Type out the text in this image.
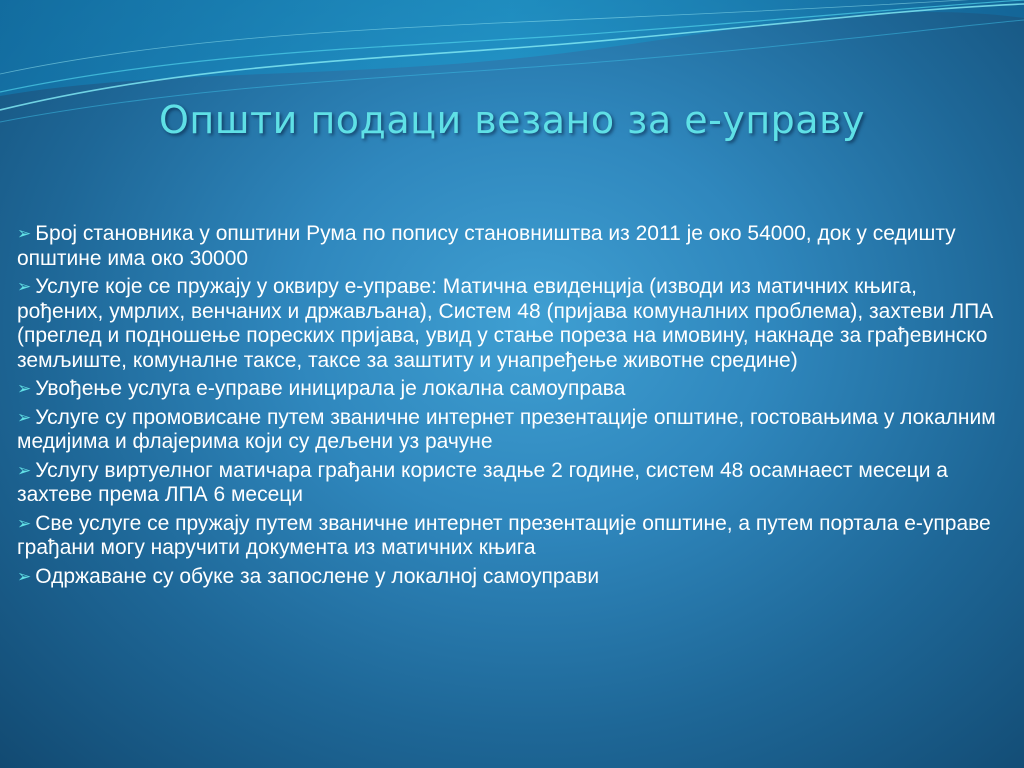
Општи подаци везано за е-управу
➢ Број становника у општини Рума по попису становништва из 2011 је око 54000, док у седишту општине има око 30000
➢ Услуге које се пружају у оквиру е-управе: Матична евиденција (изводи из матичних књига, рођених, умрлих, венчаних и држављана), Систем 48 (пријава комуналних проблема), захтеви ЛПА (преглед и подношење пореских пријава, увид у стање пореза на имовину, накнаде за грађевинско земљиште, комуналне таксе, таксе за заштиту и унапређење животне средине)
➢ Увођење услуга е-управе иницирала је локална самоуправа
➢ Услуге су промовисане путем званичне интернет презентације општине, гостовањима у локалним медијима и флајерима који су дељени уз рачуне
➢ Услугу виртуелног матичара грађани користе задње 2 године, систем 48 осамнаест месеци а захтеве према ЛПА 6 месеци
➢ Све услуге се пружају путем званичне интернет презентације општине, а путем портала е-управе грађани могу наручити документа из матичних књига
➢ Одржаване су обуке за запослене у локалној самоуправи
